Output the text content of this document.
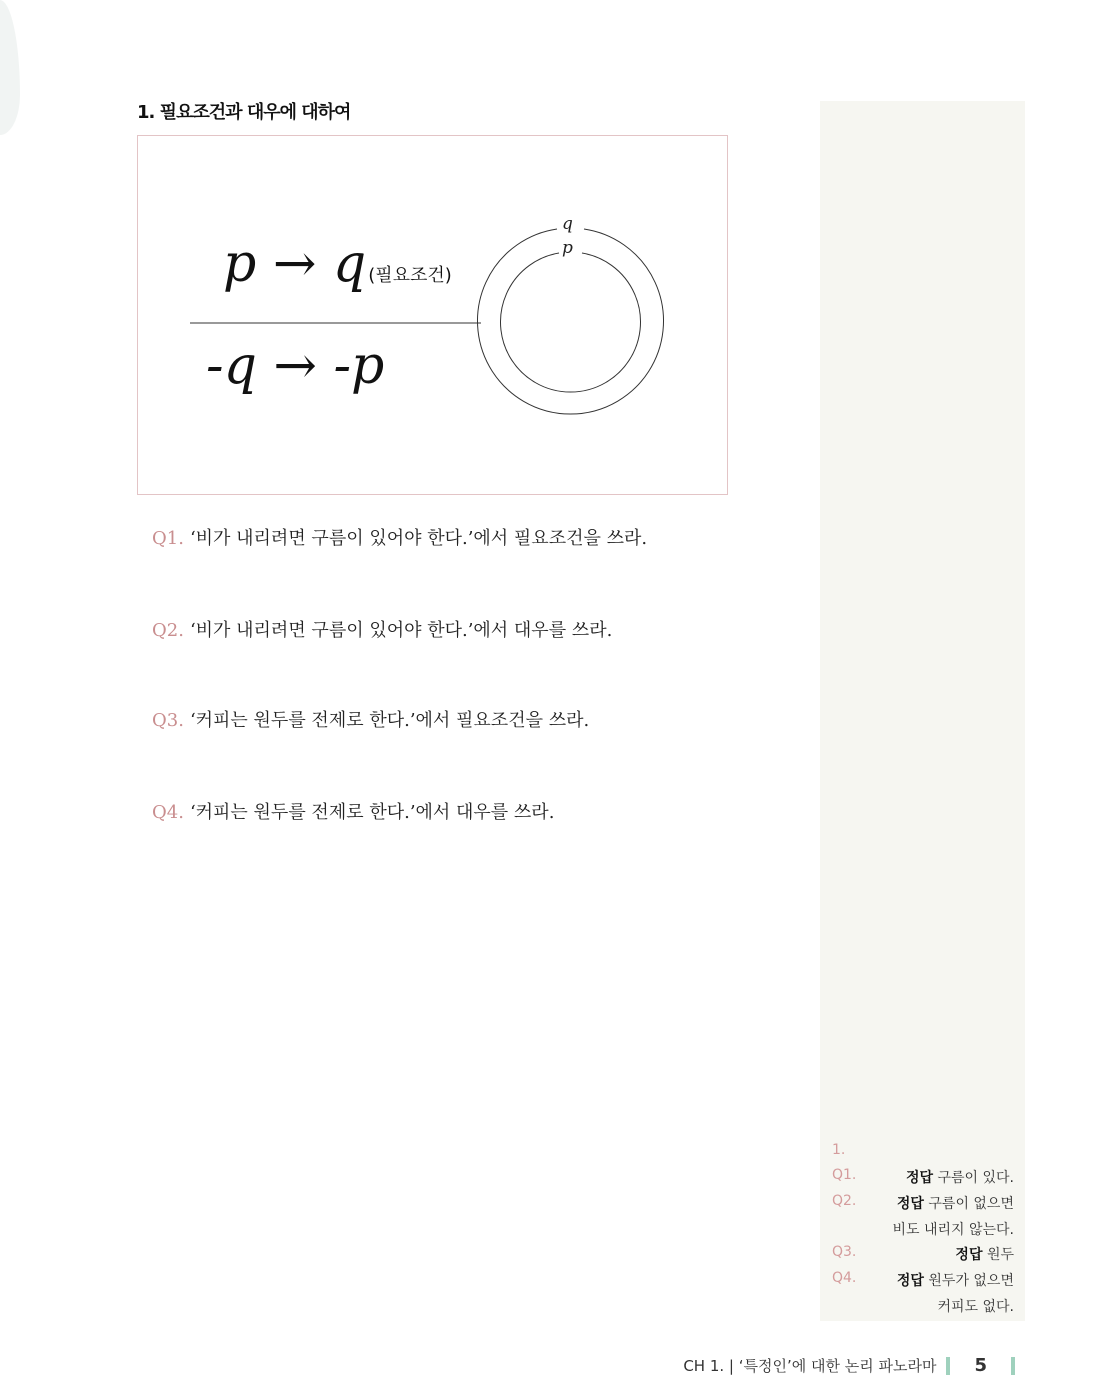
1. 필요조건과 대우에 대하여
q
p
p → q (필요조건)
-q → -p
Q1. ‘비가 내리려면 구름이 있어야 한다.’에서 필요조건을 쓰라.
Q2. ‘비가 내리려면 구름이 있어야 한다.’에서 대우를 쓰라.
Q3. ‘커피는 원두를 전제로 한다.’에서 필요조건을 쓰라.
Q4. ‘커피는 원두를 전제로 한다.’에서 대우를 쓰라.
1.
Q1.	정답 구름이 있다.
Q2.	정답 구름이 없으면
비도 내리지 않는다.
Q3.	정답 원두
Q4.	정답 원두가 없으면
커피도 없다.
CH 1. | ‘특정인’에 대한 논리 파노라마 5
